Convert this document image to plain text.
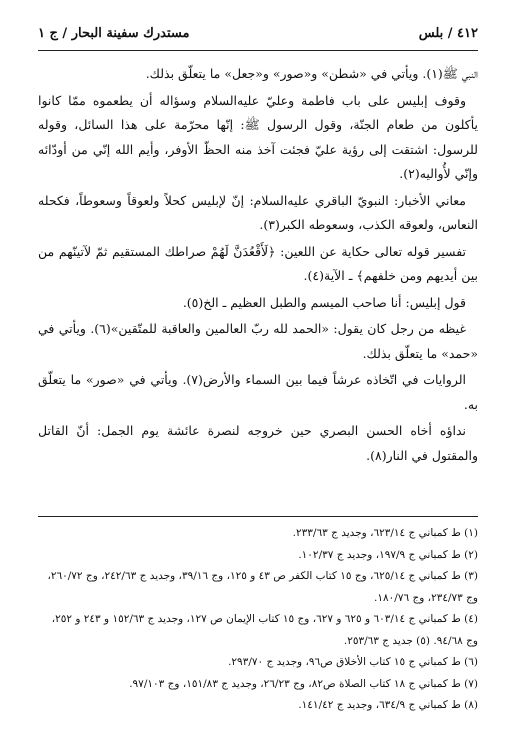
٤١٢ / بلس
مستدرك سفينة البحار / ج ١

النبي ﷺ(١). ويأتي في «شطن» و«صور» و«جعل» ما يتعلّق بذلك.

وقوف إبليس على باب فاطمة وعليّ عليه‌السلام وسؤاله أن يطعموه ممّا كانوا يأكلون من طعام الجنّة، وقول الرسول ﷺ: إنّها محرّمة على هذا السائل، وقوله للرسول: اشتقت إلى رؤية عليّ فجئت آخذ منه الحظّ الأوفر، وأيم الله إنّي من أودّائه وإنّي لأُواليه(٢).

معاني الأخبار: النبويّ الباقري عليه‌السلام: إنّ لإبليس كحلاً ولعوقاً وسعوطاً، فكحله النعاس، ولعوقه الكذب، وسعوطه الكبر(٣).

تفسير قوله تعالى حكاية عن اللعين: ﴿لَأَقْعُدَنَّ لَهُمْ صراطك المستقيم ثمّ لآتينّهم من بين أيديهم ومن خلفهم﴾ ـ الآية(٤).

قول إبليس: أنا صاحب الميسم والطبل العظيم ـ الخ(٥).

غيظه من رجل كان يقول: «الحمد لله ربّ العالمين والعاقبة للمتّقين»(٦). ويأتي في «حمد» ما يتعلّق بذلك.

الروايات في اتّخاذه عرشاً فيما بين السماء والأرض(٧). ويأتي في «صور» ما يتعلّق به.

نداؤه أخاه الحسن البصري حين خروجه لنصرة عائشة يوم الجمل: أنّ القاتل والمقتول في النار(٨).

(١) ط كمباني ج ٦٢٣/١٤، وجديد ج ٢٣٣/٦٣.
(٢) ط كمباني ج ١٩٧/٩، وجديد ج ١٠٢/٣٧.
(٣) ط كمباني ج ٦٢٥/١٤، وج ١٥ كتاب الكفر ص ٤٣ و ١٢٥، وج ٣٩/١٦، وجديد ج ٢٤٢/٦٣، وج ٢٦٠/٧٢، وج ٢٣٤/٧٣، وج ١٨٠/٧٦.
(٤) ط كمباني ج ٦٠٣/١٤ و ٦٢٥ و ٦٢٧، وج ١٥ كتاب الإيمان ص ١٢٧، وجديد ج ١٥٢/٦٣ و ٢٤٣ و ٢٥٢، وج ٩٤/٦٨. (٥) جديد ج ٢٥٣/٦٣.
(٦) ط كمباني ج ١٥ كتاب الأخلاق ص٩٦، وجديد ج ٢٩٣/٧٠.
(٧) ط كمباني ج ١٨ كتاب الصلاة ص٨٢، وج ٢٦/٢٣، وجديد ج ١٥١/٨٣، وج ٩٧/١٠٣.
(٨) ط كمباني ج ٦٣٤/٩، وجديد ج ١٤١/٤٢.
